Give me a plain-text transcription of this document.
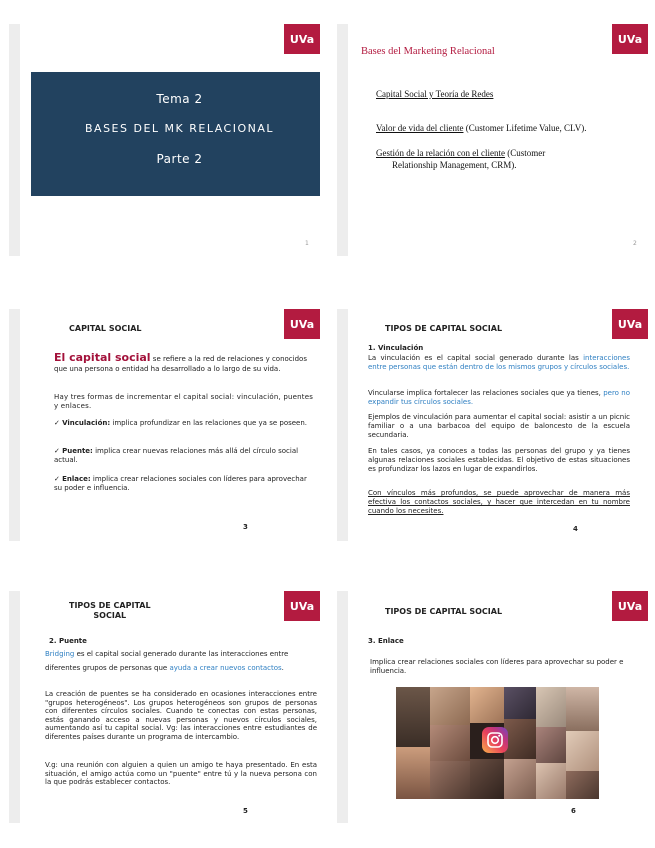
UVa
Tema 2
BASES DEL MK RELACIONAL
Parte 2
1
UVa
Bases del Marketing Relacional
Capital Social y Teoría de Redes
Valor de vida del cliente (Customer Lifetime Value, CLV).
Gestión de la relación con el cliente (Customer
Relationship Management, CRM).
2
UVa
CAPITAL SOCIAL
El capital social se refiere a la red de relaciones y conocidos que una persona o entidad ha desarrollado a lo largo de su vida.
Hay tres formas de incrementar el capital social: vinculación, puentes y enlaces.
✓ Vinculación: implica profundizar en las relaciones que ya se poseen.
✓ Puente: implica crear nuevas relaciones más allá del círculo social actual.
✓ Enlace: implica crear relaciones sociales con líderes para aprovechar su poder e influencia.
3
UVa
TIPOS DE CAPITAL SOCIAL
1. Vinculación
La vinculación es el capital social generado durante las interacciones entre personas que están dentro de los mismos grupos y círculos sociales.
Vincularse implica fortalecer las relaciones sociales que ya tienes, pero no expandir tus círculos sociales.
Ejemplos de vinculación para aumentar el capital social: asistir a un picnic familiar o a una barbacoa del equipo de baloncesto de la escuela secundaria.
En tales casos, ya conoces a todas las personas del grupo y ya tienes algunas relaciones sociales establecidas. El objetivo de estas situaciones es profundizar los lazos en lugar de expandirlos.
Con vínculos más profundos, se puede aprovechar de manera más efectiva los contactos sociales, y hacer que intercedan en tu nombre cuando los necesites.
4
UVa
TIPOS DE CAPITAL
SOCIAL
2. Puente
Bridging es el capital social generado durante las interacciones entre diferentes grupos de personas que ayuda a crear nuevos contactos.
La creación de puentes se ha considerado en ocasiones interacciones entre "grupos heterogéneos". Los grupos heterogéneos son grupos de personas con diferentes círculos sociales. Cuando te conectas con estas personas, estás ganando acceso a nuevas personas y nuevos círculos sociales, aumentando así tu capital social. Vg: las interacciones entre estudiantes de diferentes países durante un programa de intercambio.
V.g: una reunión con alguien a quien un amigo te haya presentado. En esta situación, el amigo actúa como un "puente" entre tú y la nueva persona con la que podrás establecer contactos.
5
UVa
TIPOS DE CAPITAL SOCIAL
3. Enlace
Implica crear relaciones sociales con líderes para aprovechar su poder e influencia.
6
